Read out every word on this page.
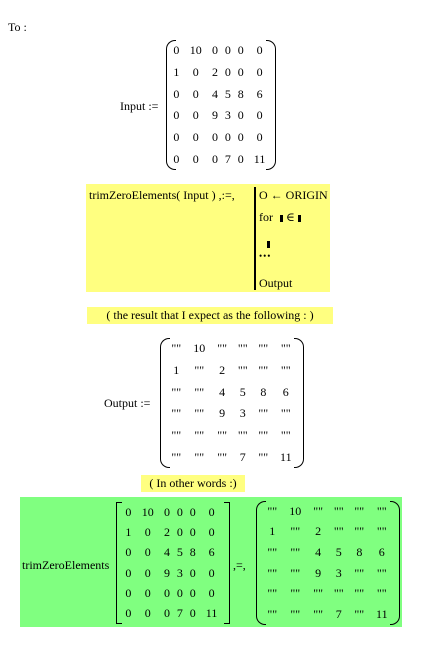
To :
Input :=
0	10	0	0	0	0
1	0	2	0	0	0
0	0	4	5	8	6
0	0	9	3	0	0
0	0	0	0	0	0
0	0	0	7	0	11
trimZeroElements( Input ) ,:=, O ← ORIGIN
for ∈
•••
Output
( the result that I expect as the following : )
Output :=
""	10	""	""	""	""
1	""	2	""	""	""
""	""	4	5	8	6
""	""	9	3	""	""
""	""	""	""	""	""
""	""	""	7	""	11
( In other words :)
trimZeroElements
0	10	0	0	0	0
1	0	2	0	0	0
0	0	4	5	8	6
0	0	9	3	0	0
0	0	0	0	0	0
0	0	0	7	0	11
,=,
""	10	""	""	""	""
1	""	2	""	""	""
""	""	4	5	8	6
""	""	9	3	""	""
""	""	""	""	""	""
""	""	""	7	""	11
